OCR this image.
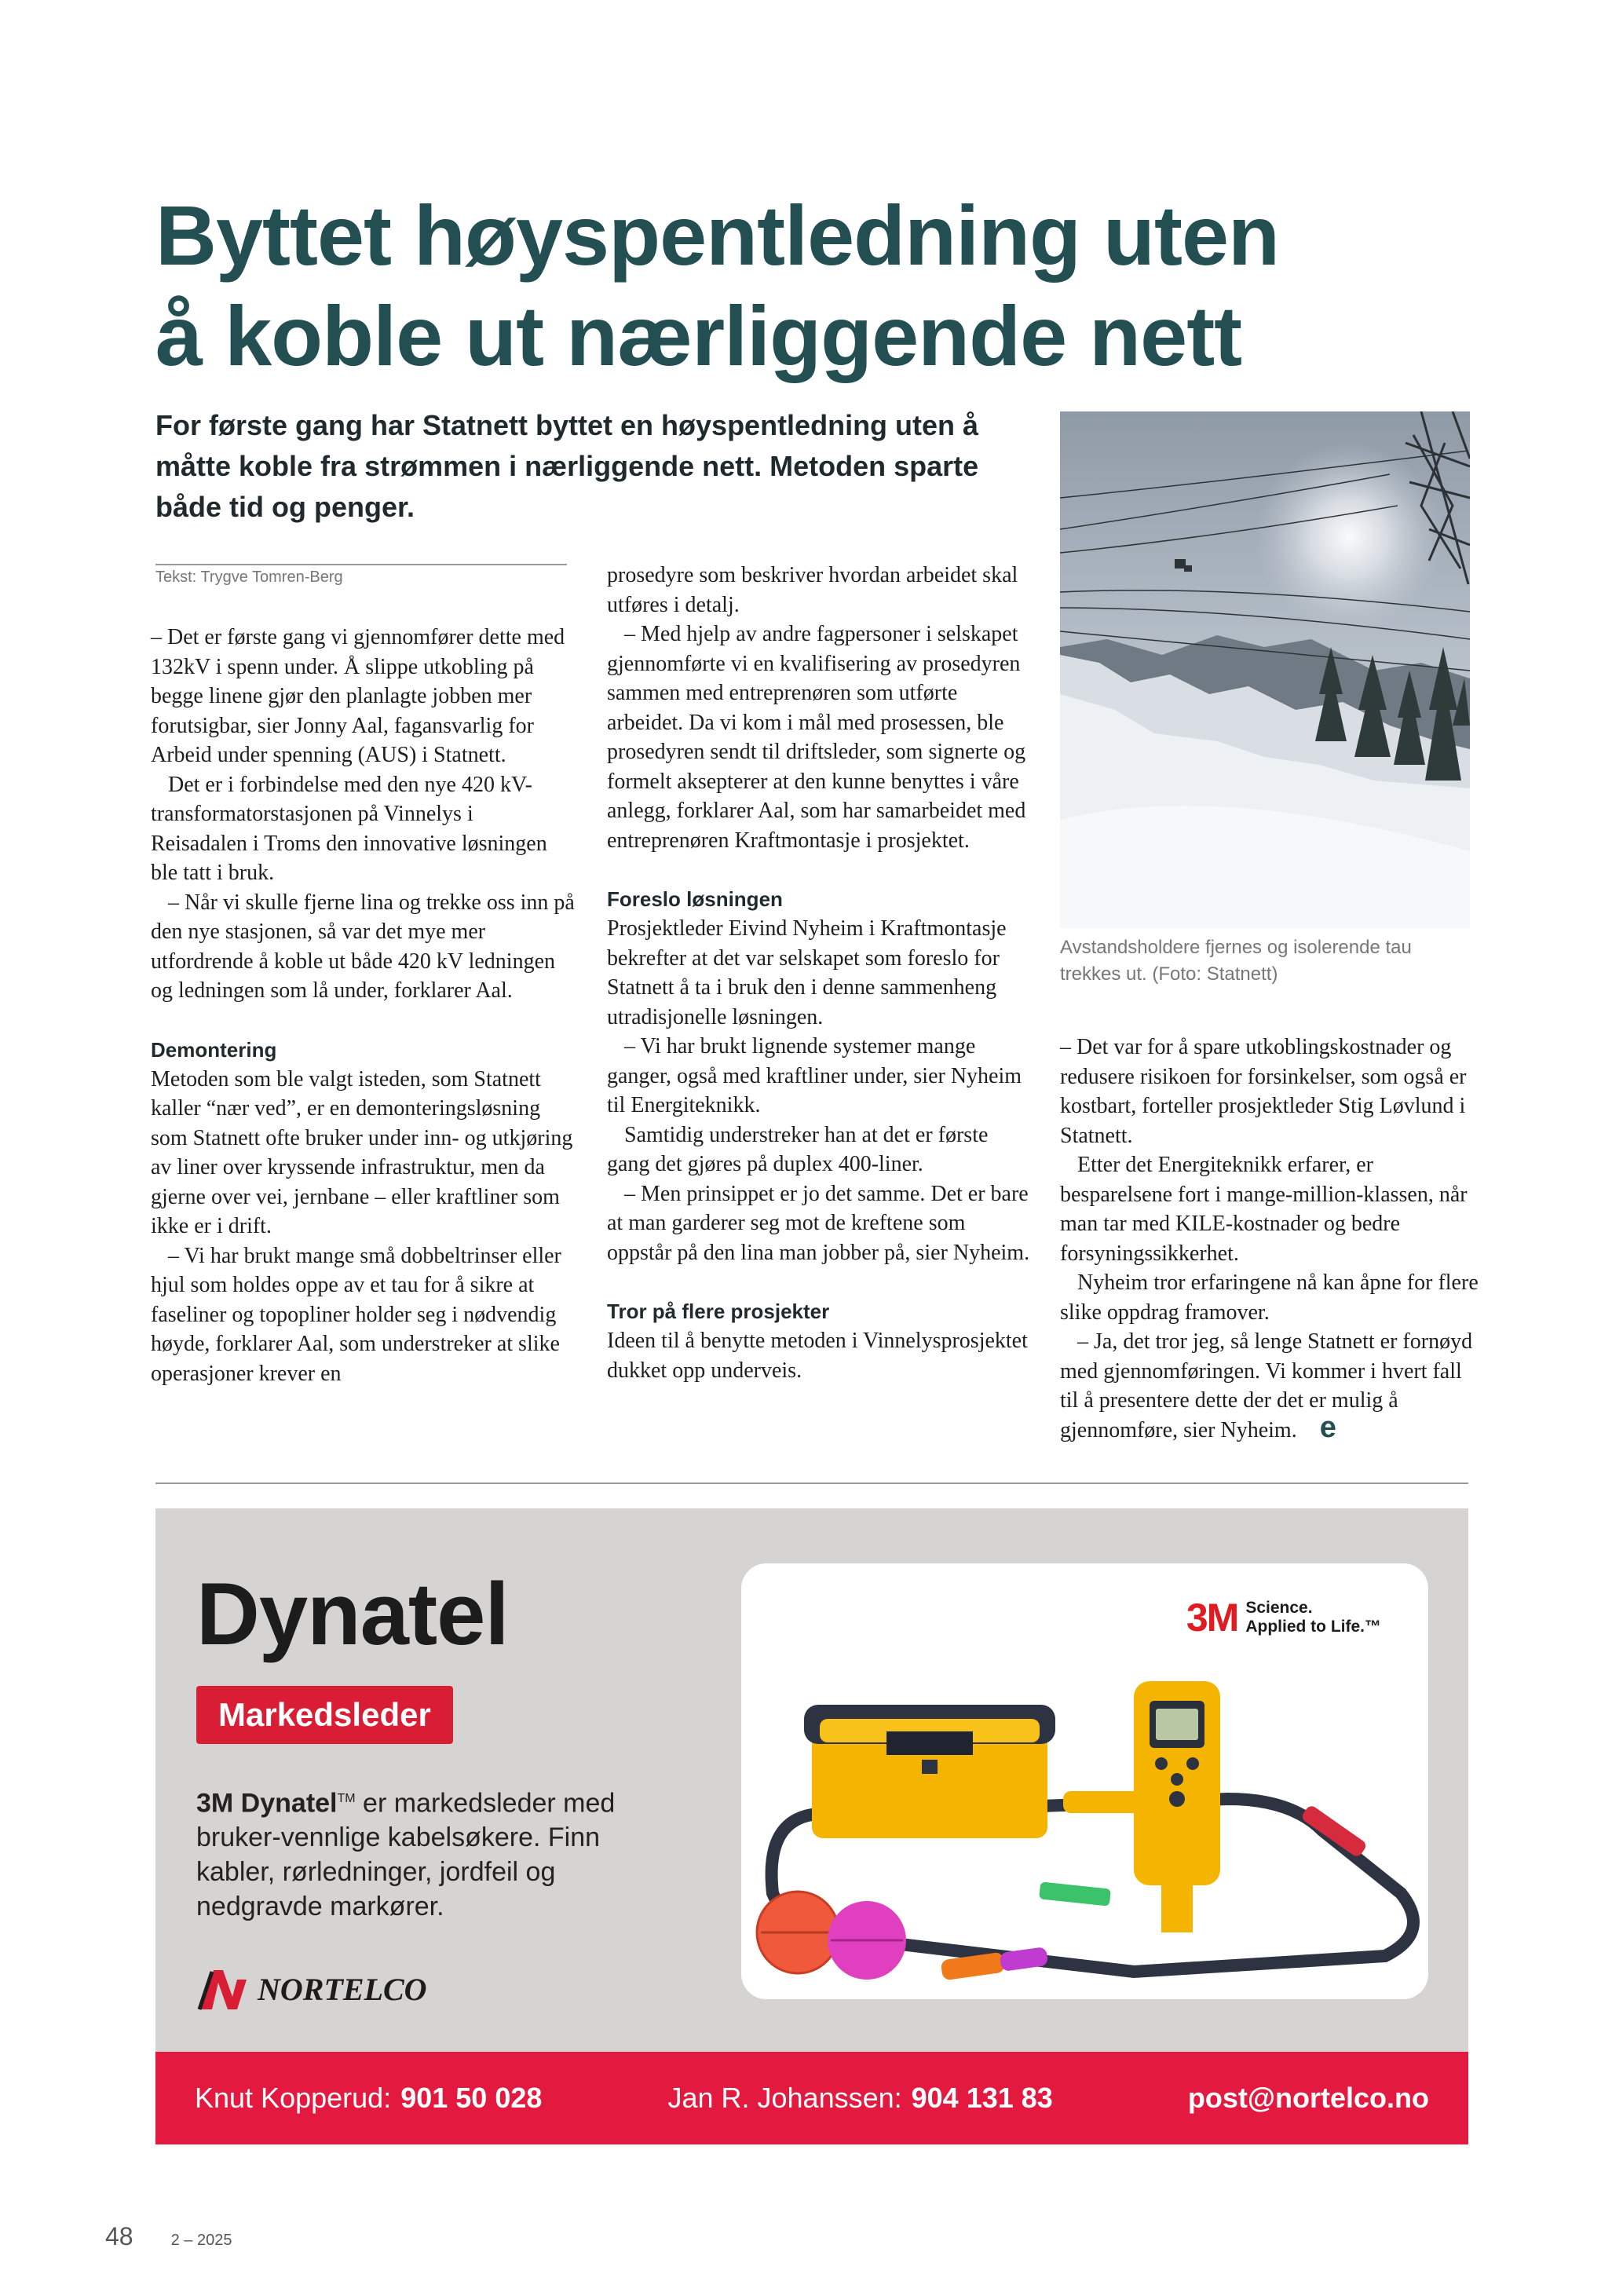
Byttet høyspentledning uten
å koble ut nærliggende nett

For første gang har Statnett byttet en høyspentledning uten å måtte koble fra strømmen i nærliggende nett. Metoden sparte både tid og penger.

Tekst: Trygve Tomren-Berg

– Det er første gang vi gjennomfører dette med 132kV i spenn under. Å slippe utkobling på begge linene gjør den planlagte jobben mer forutsigbar, sier Jonny Aal, fagansvarlig for Arbeid under spenning (AUS) i Statnett.

Det er i forbindelse med den nye 420 kV-transformatorstasjonen på Vinnelys i Reisadalen i Troms den innovative løsningen ble tatt i bruk.

– Når vi skulle fjerne lina og trekke oss inn på den nye stasjonen, så var det mye mer utfordrende å koble ut både 420 kV ledningen og ledningen som lå under, forklarer Aal.

Demontering

Metoden som ble valgt isteden, som Statnett kaller “nær ved”, er en demonteringsløsning som Statnett ofte bruker under inn- og utkjøring av liner over kryssende infrastruktur, men da gjerne over vei, jernbane – eller kraftliner som ikke er i drift.

– Vi har brukt mange små dobbeltrinser eller hjul som holdes oppe av et tau for å sikre at faseliner og topopliner holder seg i nødvendig høyde, forklarer Aal, som understreker at slike operasjoner krever en

prosedyre som beskriver hvordan arbeidet skal utføres i detalj.

– Med hjelp av andre fagpersoner i selskapet gjennomførte vi en kvalifisering av prosedyren sammen med entreprenøren som utførte arbeidet. Da vi kom i mål med prosessen, ble prosedyren sendt til driftsleder, som signerte og formelt aksepterer at den kunne benyttes i våre anlegg, forklarer Aal, som har samarbeidet med entreprenøren Kraftmontasje i prosjektet.

Foreslo løsningen

Prosjektleder Eivind Nyheim i Kraftmontasje bekrefter at det var selskapet som foreslo for Statnett å ta i bruk den i denne sammenheng utradisjonelle løsningen.

– Vi har brukt lignende systemer mange ganger, også med kraftliner under, sier Nyheim til Energiteknikk.

Samtidig understreker han at det er første gang det gjøres på duplex 400-liner.

– Men prinsippet er jo det samme. Det er bare at man garderer seg mot de kreftene som oppstår på den lina man jobber på, sier Nyheim.

Tror på flere prosjekter

Ideen til å benytte metoden i Vinnelysprosjektet dukket opp underveis.

Avstandsholdere fjernes og isolerende tau trekkes ut. (Foto: Statnett)

– Det var for å spare utkoblingskostnader og redusere risikoen for forsinkelser, som også er kostbart, forteller prosjektleder Stig Løvlund i Statnett.

Etter det Energiteknikk erfarer, er besparelsene fort i mange-million-klassen, når man tar med KILE-kostnader og bedre forsyningssikkerhet.

Nyheim tror erfaringene nå kan åpne for flere slike oppdrag framover.

– Ja, det tror jeg, så lenge Statnett er fornøyd med gjennomføringen. Vi kommer i hvert fall til å presentere dette der det er mulig å gjennomføre, sier Nyheim. e

Dynatel
Markedsleder
3M Dynatel™ er markedsleder med bruker-vennlige kabelsøkere. Finn kabler, rørledninger, jordfeil og nedgravde markører.
NORTELCO
3M Science.
Applied to Life.™
Knut Kopperud: 901 50 028	Jan R. Johanssen: 904 131 83	post@nortelco.no
48 2 – 2025
